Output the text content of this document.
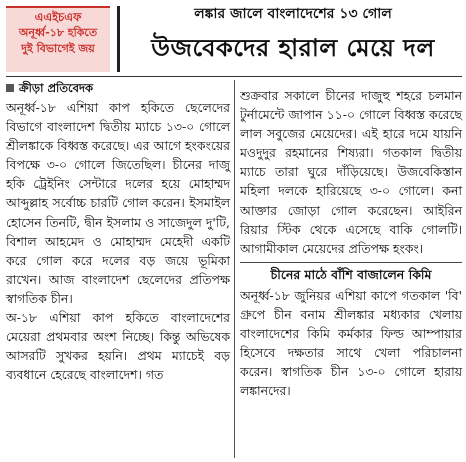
এএইচএফ
অনূর্ধ্ব-১৮ হকিতে
দুই বিভাগেই জয়
লঙ্কার জালে বাংলাদেশের ১৩ গোল
উজবেকদের হারাল মেয়ে দল
ক্রীড়া প্রতিবেদক

অনূর্ধ্ব-১৮ এশিয়া কাপ হকিতে ছেলেদের বিভাগে বাংলাদেশ দ্বিতীয় ম্যাচে ১৩-০ গোলে শ্রীলঙ্কাকে বিধ্বস্ত করেছে। এর আগে হংকংয়ের বিপক্ষে ৩-০ গোলে জিতেছিল। চীনের দাজু হকি ট্রেইনিং সেন্টারে দলের হয়ে মোহাম্মদ আব্দুল্লাহ সর্বোচ্চ চারটি গোল করেন। ইসমাইল হোসেন তিনটি, দ্বীন ইসলাম ও সাজেদুল দু'টি, বিশাল আহমেদ ও মোহাম্মদ মেহেদী একটি করে গোল করে দলের বড় জয়ে ভূমিকা রাখেন। আজ বাংলাদেশ ছেলেদের প্রতিপক্ষ স্বাগতিক চীন।

অ-১৮ এশিয়া কাপ হকিতে বাংলাদেশের মেয়েরা প্রথমবার অংশ নিচ্ছে। কিন্তু অভিষেক আসরটি সুখকর হয়নি। প্রথম ম্যাচেই বড় ব্যবধানে হেরেছে বাংলাদেশ। গত

শুক্রবার সকালে চীনের দাজুহু শহরে চলমান টুর্নামেন্টে জাপান ১১-০ গোলে বিধ্বস্ত করেছে লাল সবুজের মেয়েদের। এই হারে দমে যায়নি মওদুদুর রহমানের শিষ্যরা। গতকাল দ্বিতীয় ম্যাচে তারা ঘুরে দাঁড়িয়েছে। উজবেকিস্তান মহিলা দলকে হারিয়েছে ৩-০ গোলে। কনা আক্তার জোড়া গোল করেছেন। আইরিন রিয়ার স্টিক থেকে এসেছে বাকি গোলটি। আগামীকাল মেয়েদের প্রতিপক্ষ হংকং।

চীনের মাঠে বাঁশি বাজালেন কিমি

অনূর্ধ্ব-১৮ জুনিয়র এশিয়া কাপে গতকাল 'বি' গ্রুপে চীন বনাম শ্রীলঙ্কার মধ্যকার খেলায় বাংলাদেশের কিমি কর্মকার ফিল্ড আম্পায়ার হিসেবে দক্ষতার সাথে খেলা পরিচালনা করেন। স্বাগতিক চীন ১৩-০ গোলে হারায় লঙ্কানদের।
